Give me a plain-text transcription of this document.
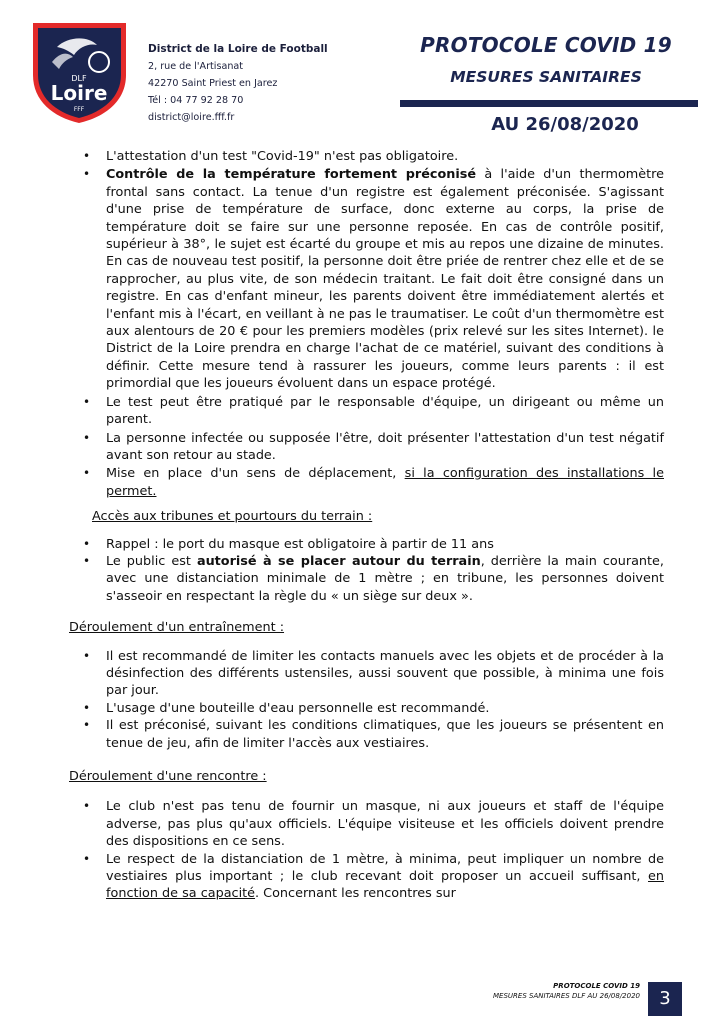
DLF
Loire
FFF
District de la Loire de Football
2, rue de l'Artisanat
42270 Saint Priest en Jarez
Tél : 04 77 92 28 70
district@loire.fff.fr
PROTOCOLE COVID 19
MESURES SANITAIRES
AU 26/08/2020
• L'attestation d'un test "Covid-19" n'est pas obligatoire.
• Contrôle de la température fortement préconisé à l'aide d'un thermomètre frontal sans contact. La tenue d'un registre est également préconisée. S'agissant d'une prise de température de surface, donc externe au corps, la prise de température doit se faire sur une personne reposée. En cas de contrôle positif, supérieur à 38°, le sujet est écarté du groupe et mis au repos une dizaine de minutes. En cas de nouveau test positif, la personne doit être priée de rentrer chez elle et de se rapprocher, au plus vite, de son médecin traitant. Le fait doit être consigné dans un registre. En cas d'enfant mineur, les parents doivent être immédiatement alertés et l'enfant mis à l'écart, en veillant à ne pas le traumatiser. Le coût d'un thermomètre est aux alentours de 20 € pour les premiers modèles (prix relevé sur les sites Internet). le District de la Loire prendra en charge l'achat de ce matériel, suivant des conditions à définir. Cette mesure tend à rassurer les joueurs, comme leurs parents : il est primordial que les joueurs évoluent dans un espace protégé.
• Le test peut être pratiqué par le responsable d'équipe, un dirigeant ou même un parent.
• La personne infectée ou supposée l'être, doit présenter l'attestation d'un test négatif avant son retour au stade.
• Mise en place d'un sens de déplacement, si la configuration des installations le permet.
Accès aux tribunes et pourtours du terrain :
• Rappel : le port du masque est obligatoire à partir de 11 ans
• Le public est autorisé à se placer autour du terrain, derrière la main courante, avec une distanciation minimale de 1 mètre ; en tribune, les personnes doivent s'asseoir en respectant la règle du « un siège sur deux ».
Déroulement d'un entraînement :
• Il est recommandé de limiter les contacts manuels avec les objets et de procéder à la désinfection des différents ustensiles, aussi souvent que possible, à minima une fois par jour.
• L'usage d'une bouteille d'eau personnelle est recommandé.
• Il est préconisé, suivant les conditions climatiques, que les joueurs se présentent en tenue de jeu, afin de limiter l'accès aux vestiaires.
Déroulement d'une rencontre :
• Le club n'est pas tenu de fournir un masque, ni aux joueurs et staff de l'équipe adverse, pas plus qu'aux officiels. L'équipe visiteuse et les officiels doivent prendre des dispositions en ce sens.
• Le respect de la distanciation de 1 mètre, à minima, peut impliquer un nombre de vestiaires plus important ; le club recevant doit proposer un accueil suffisant, en fonction de sa capacité. Concernant les rencontres sur
PROTOCOLE COVID 19
MESURES SANITAIRES DLF AU 26/08/2020	3
